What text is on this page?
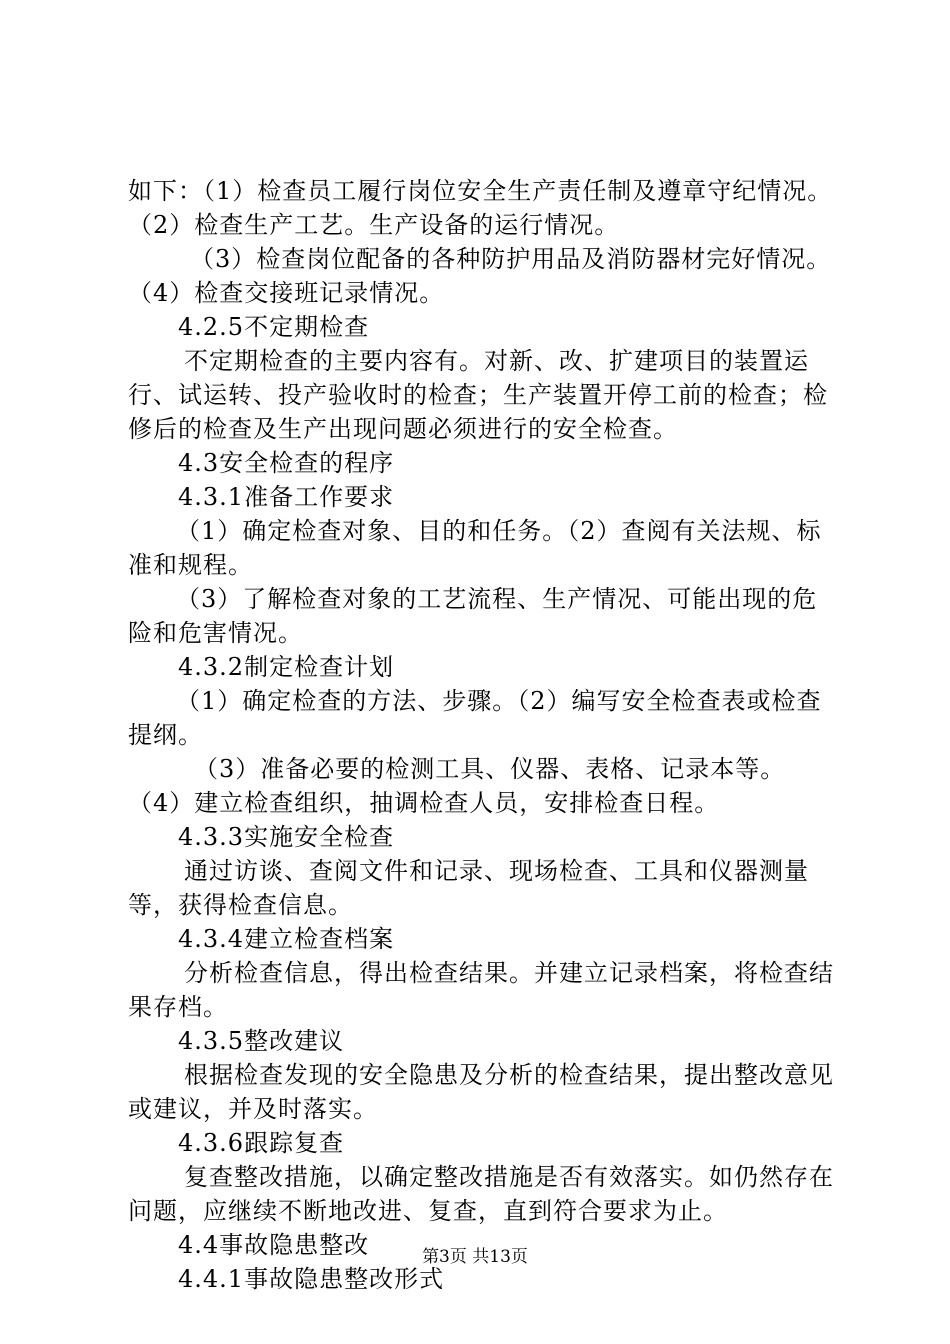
如下：（1）检查员工履行岗位安全生产责任制及遵章守纪情况。

（2）检查生产工艺。生产设备的运行情况。

（3）检查岗位配备的各种防护用品及消防器材完好情况。

（4）检查交接班记录情况。

4.2.5不定期检查

不定期检查的主要内容有。对新、改、扩建项目的装置运行、试运转、投产验收时的检查；生产装置开停工前的检查；检修后的检查及生产出现问题必须进行的安全检查。

4.3安全检查的程序

4.3.1准备工作要求

（1）确定检查对象、目的和任务。（2）查阅有关法规、标准和规程。

（3）了解检查对象的工艺流程、生产情况、可能出现的危险和危害情况。

4.3.2制定检查计划

（1）确定检查的方法、步骤。（2）编写安全检查表或检查提纲。

（3）准备必要的检测工具、仪器、表格、记录本等。

（4）建立检查组织，抽调检查人员，安排检查日程。

4.3.3实施安全检查

通过访谈、查阅文件和记录、现场检查、工具和仪器测量等，获得检查信息。

4.3.4建立检查档案

分析检查信息，得出检查结果。并建立记录档案，将检查结果存档。

4.3.5整改建议

根据检查发现的安全隐患及分析的检查结果，提出整改意见或建议，并及时落实。

4.3.6跟踪复查

复查整改措施，以确定整改措施是否有效落实。如仍然存在问题，应继续不断地改进、复查，直到符合要求为止。

4.4事故隐患整改

4.4.1事故隐患整改形式

第3页 共13页
